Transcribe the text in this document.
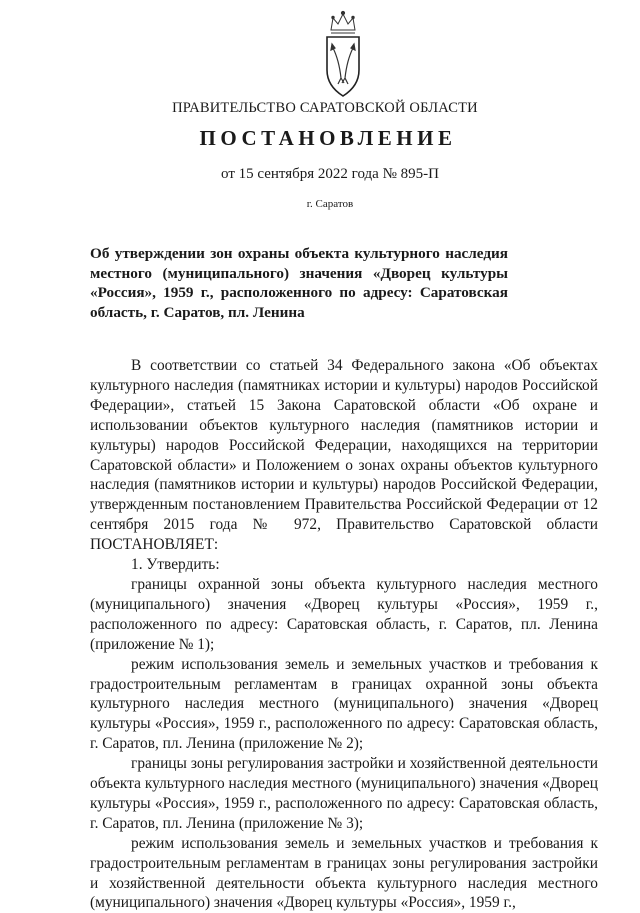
ПРАВИТЕЛЬСТВО САРАТОВСКОЙ ОБЛАСТИ
ПОСТАНОВЛЕНИЕ
от 15 сентября 2022 года № 895-П
г. Саратов
Об утверждении зон охраны объекта культурного наследия местного (муниципального) значения «Дворец культуры «Россия», 1959 г., расположенного по адресу: Саратовская область, г. Саратов, пл. Ленина

В соответствии со статьей 34 Федерального закона «Об объектах культурного наследия (памятниках истории и культуры) народов Российской Федерации», статьей 15 Закона Саратовской области «Об охране и использовании объектов культурного наследия (памятников истории и культуры) народов Российской Федерации, находящихся на территории Саратовской области» и Положением о зонах охраны объектов культурного наследия (памятников истории и культуры) народов Российской Федерации, утвержденным постановлением Правительства Российской Федерации от 12 сентября 2015 года № 972, Правительство Саратовской области ПОСТАНОВЛЯЕТ:

1. Утвердить:

границы охранной зоны объекта культурного наследия местного (муниципального) значения «Дворец культуры «Россия», 1959 г., расположенного по адресу: Саратовская область, г. Саратов, пл. Ленина (приложение № 1);

режим использования земель и земельных участков и требования к градостроительным регламентам в границах охранной зоны объекта культурного наследия местного (муниципального) значения «Дворец культуры «Россия», 1959 г., расположенного по адресу: Саратовская область, г. Саратов, пл. Ленина (приложение № 2);

границы зоны регулирования застройки и хозяйственной деятельности объекта культурного наследия местного (муниципального) значения «Дворец культуры «Россия», 1959 г., расположенного по адресу: Саратовская область, г. Саратов, пл. Ленина (приложение № 3);

режим использования земель и земельных участков и требования к градостроительным регламентам в границах зоны регулирования застройки и хозяйственной деятельности объекта культурного наследия местного (муниципального) значения «Дворец культуры «Россия», 1959 г.,
